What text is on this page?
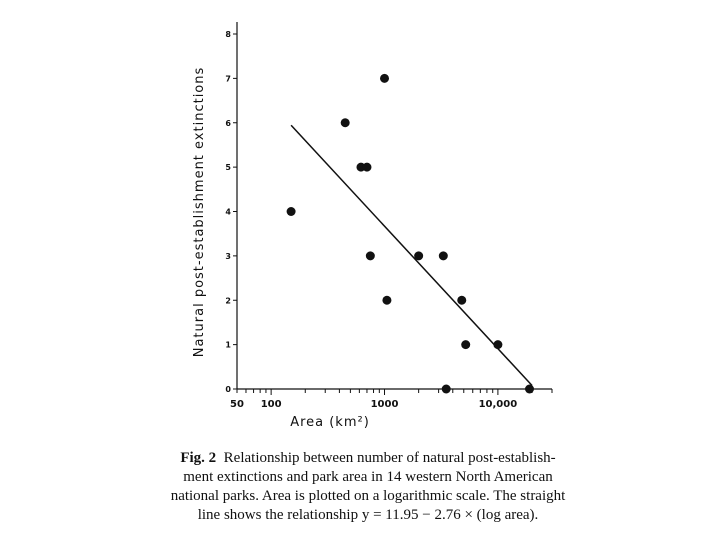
0
1
2
3
4
5
6
7
8
50 100	1000	10,000
Area (km²)
Natural post-establishment extinctions
Fig. 2 Relationship between number of natural post-establish-
ment extinctions and park area in 14 western North American
national parks. Area is plotted on a logarithmic scale. The straight
line shows the relationship y = 11.95 − 2.76 × (log area).
